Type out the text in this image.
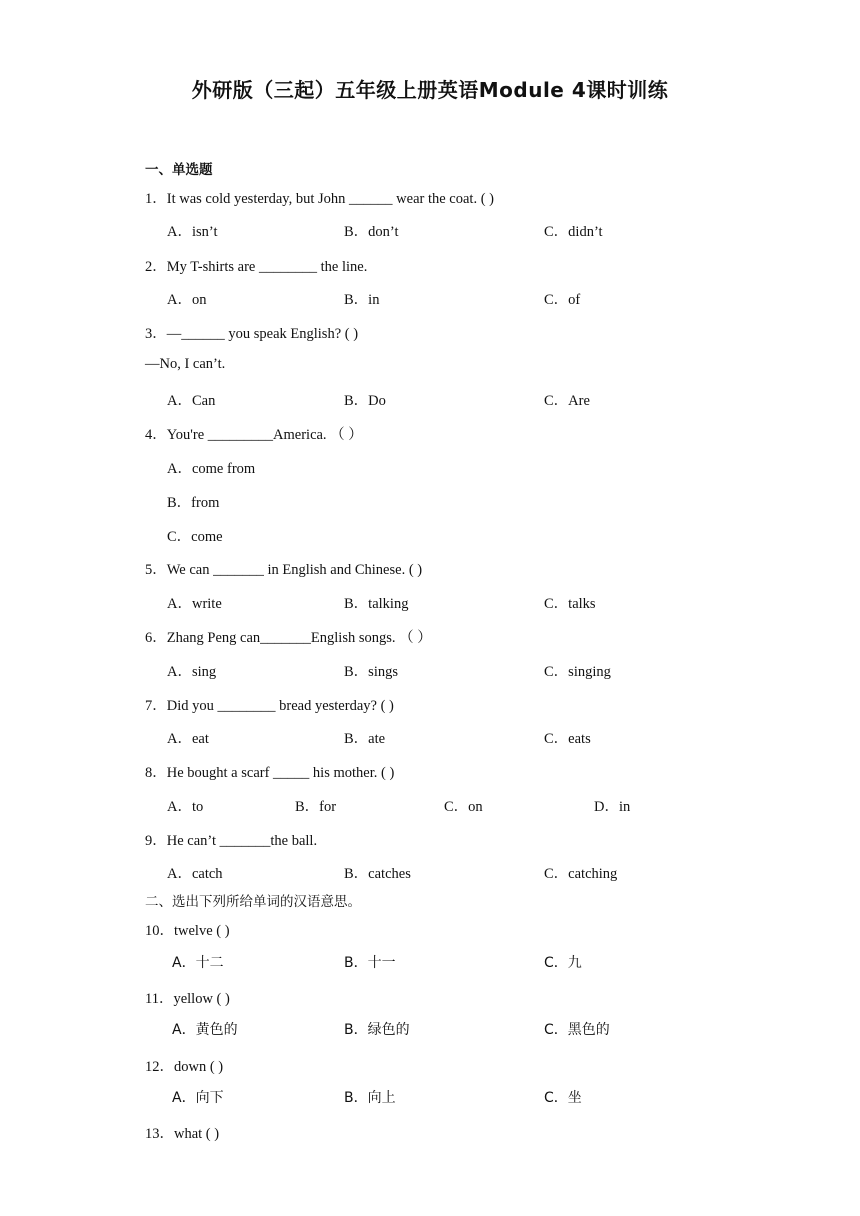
外研版（三起）五年级上册英语Module 4课时训练
一、单选题
1．It was cold yesterday, but John ______ wear the coat. ( )
A．isn’t	B．don’t	C．didn’t
2．My T-shirts are ________ the line.
A．on	B．in	C．of
3．—______ you speak English? ( )
—No, I can’t.
A．Can	B．Do	C．Are
4．You're _________America. （ ）
A．come from
B．from
C．come
5．We can _______ in English and Chinese. ( )
A．write	B．talking	C．talks
6．Zhang Peng can_______English songs. （ ）
A．sing	B．sings	C．singing
7．Did you ________ bread yesterday? ( )
A．eat	B．ate	C．eats
8．He bought a scarf _____ his mother. ( )
A．to	B．for	C．on	D．in
9．He can’t _______the ball.
A．catch	B．catches	C．catching
二、选出下列所给单词的汉语意思。
10．twelve ( )
A．十二	B．十一	C．九
11．yellow ( )
A．黄色的	B．绿色的	C．黑色的
12．down ( )
A．向下	B．向上	C．坐
13．what ( )
